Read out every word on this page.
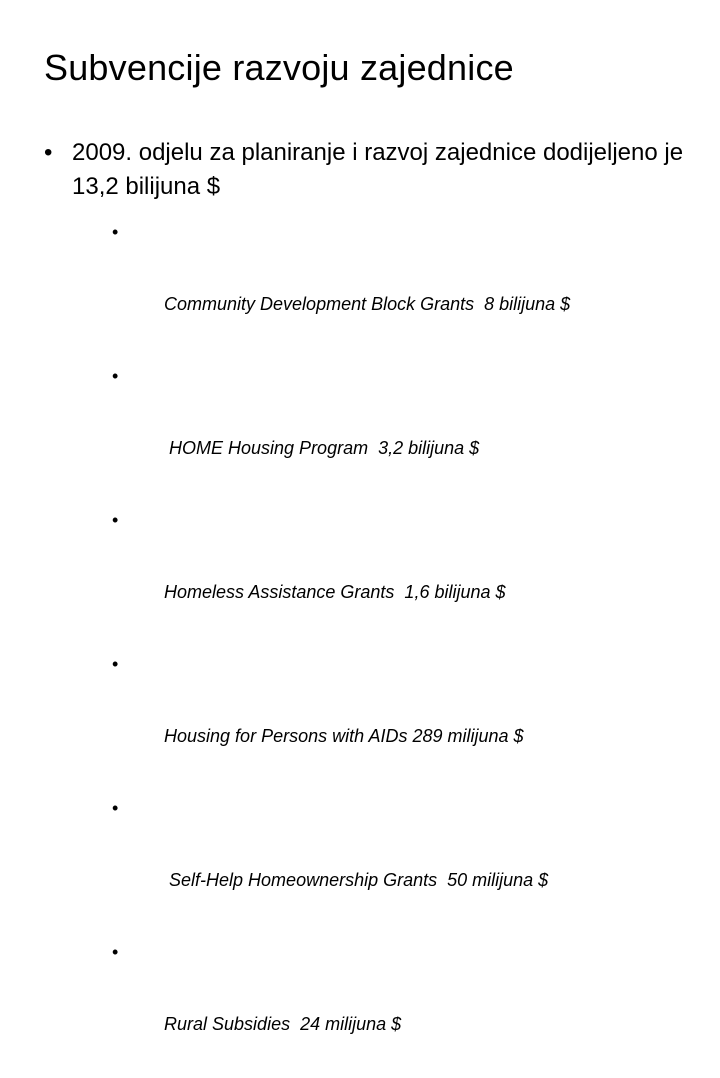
Subvencije razvoju zajednice
• 2009. odjelu za planiranje i razvoj zajednice dodijeljeno je 13,2 bilijuna $

•

Community Development Block Grants  8 bilijuna $

•

HOME Housing Program  3,2 bilijuna $

•

Homeless Assistance Grants  1,6 bilijuna $

•

Housing for Persons with AIDs 289 milijuna $

•

Self-Help Homeownership Grants  50 milijuna $

•

Rural Subsidies  24 milijuna $
